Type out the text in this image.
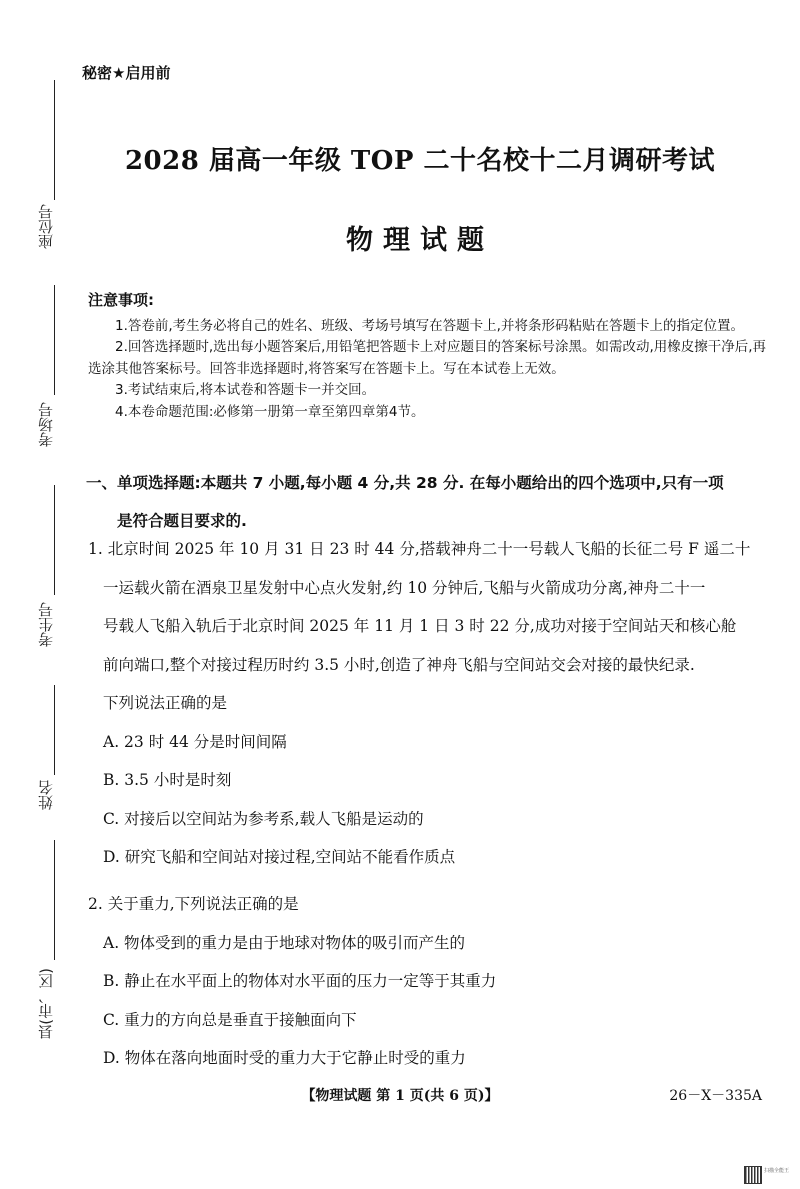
座位号
考场号
考生号
姓名
县(市、区)
秘密★启用前
2028 届高一年级 TOP 二十名校十二月调研考试
物理试题
注意事项:

1.答卷前,考生务必将自己的姓名、班级、考场号填写在答题卡上,并将条形码粘贴在答题卡上的指定位置。

2.回答选择题时,选出每小题答案后,用铅笔把答题卡上对应题目的答案标号涂黑。如需改动,用橡皮擦干净后,再选涂其他答案标号。回答非选择题时,将答案写在答题卡上。写在本试卷上无效。

3.考试结束后,将本试卷和答题卡一并交回。

4.本卷命题范围:必修第一册第一章至第四章第4节。

一、单项选择题:本题共 7 小题,每小题 4 分,共 28 分. 在每小题给出的四个选项中,只有一项
是符合题目要求的.

1. 北京时间 2025 年 10 月 31 日 23 时 44 分,搭载神舟二十一号载人飞船的长征二号 F 遥二十

一运载火箭在酒泉卫星发射中心点火发射,约 10 分钟后,飞船与火箭成功分离,神舟二十一

号载人飞船入轨后于北京时间 2025 年 11 月 1 日 3 时 22 分,成功对接于空间站天和核心舱

前向端口,整个对接过程历时约 3.5 小时,创造了神舟飞船与空间站交会对接的最快纪录.

下列说法正确的是

A. 23 时 44 分是时间间隔

B. 3.5 小时是时刻

C. 对接后以空间站为参考系,载人飞船是运动的

D. 研究飞船和空间站对接过程,空间站不能看作质点

2. 关于重力,下列说法正确的是

A. 物体受到的重力是由于地球对物体的吸引而产生的

B. 静止在水平面上的物体对水平面的压力一定等于其重力

C. 重力的方向总是垂直于接触面向下

D. 物体在落向地面时受的重力大于它静止时受的重力

【物理试题 第 1 页(共 6 页)】	26－X－335A
扫描全能王
